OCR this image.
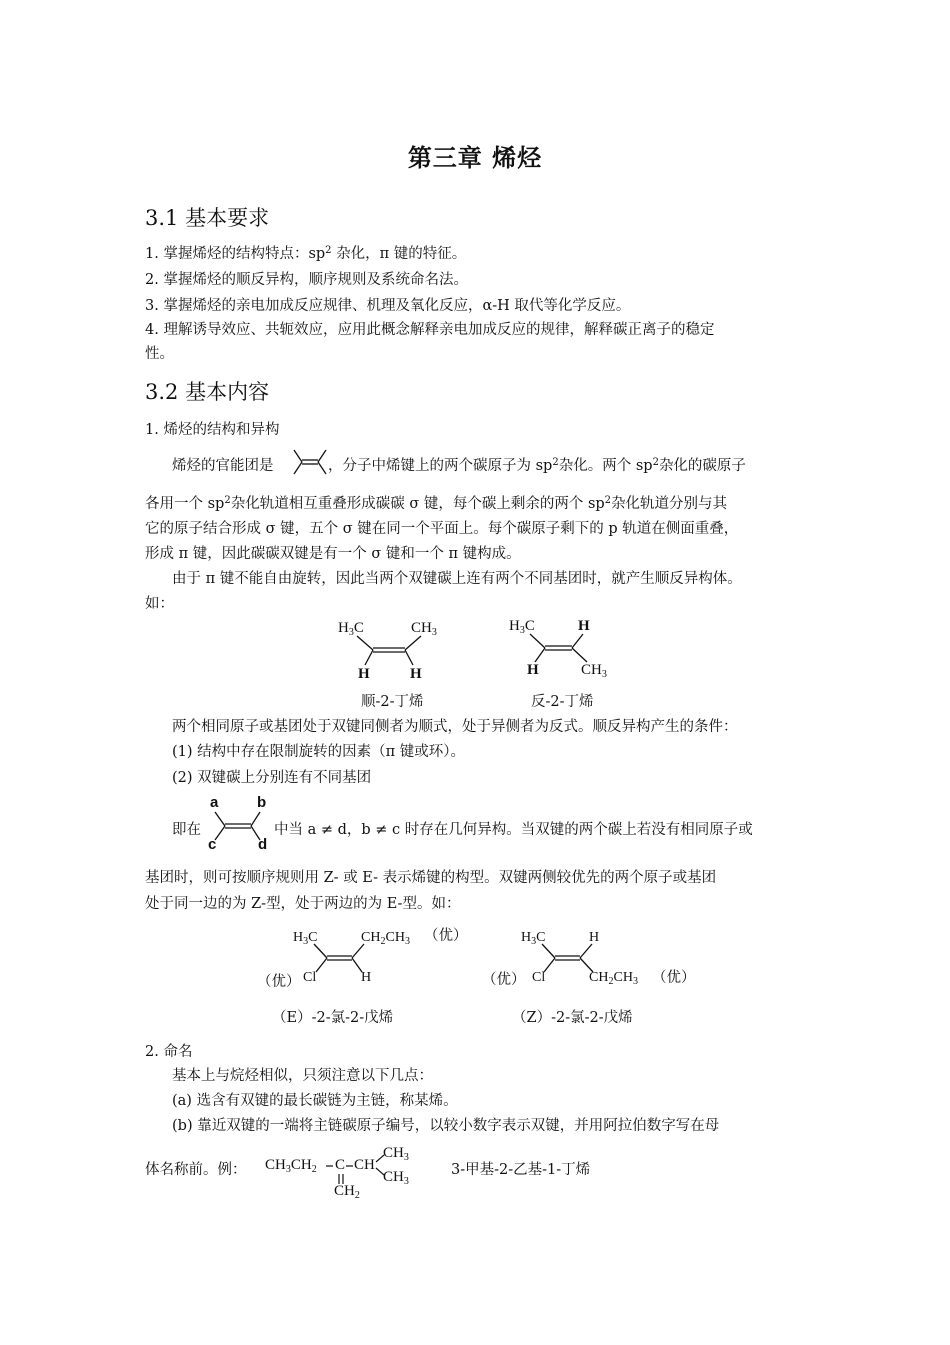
第三章 烯烃
3.1 基本要求
1. 掌握烯烃的结构特点：$sp^2$ 杂化，π 键的特征。
2. 掌握烯烃的顺反异构，顺序规则及系统命名法。
3. 掌握烯烃的亲电加成反应规律、机理及氧化反应，α-H 取代等化学反应。
4. 理解诱导效应、共轭效应，应用此概念解释亲电加成反应的规律，解释碳正离子的稳定
性。
3.2 基本内容
1. 烯烃的结构和异构
烯烃的官能团是	，分子中烯键上的两个碳原子为 $sp^2$杂化。两个 $sp^2$杂化的碳原子
各用一个 $sp^2$杂化轨道相互重叠形成碳碳 σ 键，每个碳上剩余的两个 $sp^2$杂化轨道分别与其
它的原子结合形成 σ 键，五个 σ 键在同一个平面上。每个碳原子剩下的 p 轨道在侧面重叠，
形成 π 键，因此碳碳双键是有一个 σ 键和一个 π 键构成。
由于 π 键不能自由旋转，因此当两个双键碳上连有两个不同基团时，就产生顺反异构体。
如：
$H_3C$	$CH_3$
H	H
顺-2-丁烯
$H_3C$	H
H	$CH_3$
反-2-丁烯
两个相同原子或基团处于双键同侧者为顺式，处于异侧者为反式。顺反异构产生的条件：
(1) 结构中存在限制旋转的因素（π 键或环）。
(2) 双键碳上分别连有不同基团
a	b
c	d
即在	中当 a ≠ d，b ≠ c 时存在几何异构。当双键的两个碳上若没有相同原子或
基团时，则可按顺序规则用 Z- 或 E- 表示烯键的构型。双键两侧较优先的两个原子或基团
处于同一边的为 Z-型，处于两边的为 E-型。如：
$H_3C$	$CH_2CH_3$ （优）
（优） Cl	H
（E）-2-氯-2-戊烯
$H_3C$	H
（优） Cl	$CH_2CH_3$ （优）
（Z）-2-氯-2-戊烯
2. 命名
基本上与烷烃相似，只须注意以下几点：
(a) 选含有双键的最长碳链为主链，称某烯。
(b) 靠近双键的一端将主链碳原子编号，以较小数字表示双键，并用阿拉伯数字写在母
体名称前。例： $CH_3CH_2$ C CH
$CH_3$
$CH_3$
$CH_2$
3-甲基-2-乙基-1-丁烯
